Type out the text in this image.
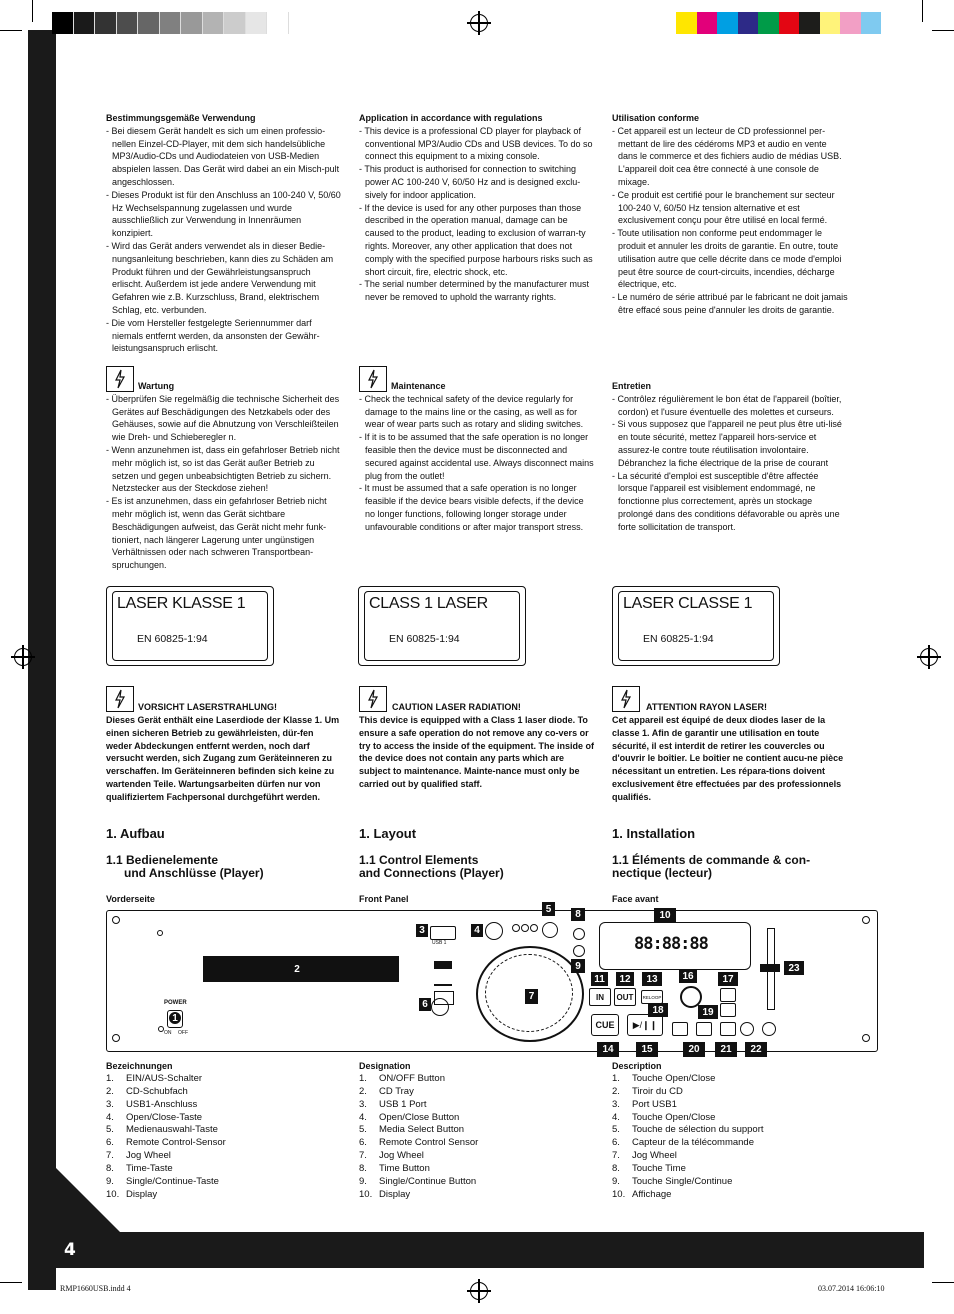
4
Bestimmungsgemäße Verwendung
- Bei diesem Gerät handelt es sich um einen professio-nellen Einzel-CD-Player, mit dem sich handelsübliche MP3/Audio-CDs und Audiodateien von USB-Medien abspielen lassen. Das Gerät wird dabei an ein Misch-pult angeschlossen.
- Dieses Produkt ist für den Anschluss an 100-240 V, 50/60 Hz Wechselspannung zugelassen und wurde ausschließlich zur Verwendung in Innenräumen konzipiert.
- Wird das Gerät anders verwendet als in dieser Bedie-nungsanleitung beschrieben, kann dies zu Schäden am Produkt führen und der Gewährleistungsanspruch erlischt. Außerdem ist jede andere Verwendung mit Gefahren wie z.B. Kurzschluss, Brand, elektrischem Schlag, etc. verbunden.
- Die vom Hersteller festgelegte Seriennummer darf niemals entfernt werden, da ansonsten der Gewähr-leistungsanspruch erlischt.
Application in accordance with regulations
- This device is a professional CD player for playback of conventional MP3/Audio CDs and USB devices. To do so connect this equipment to a mixing console.
- This product is authorised for connection to switching power AC 100-240 V, 60/50 Hz and is designed exclu-sively for indoor application.
- If the device is used for any other purposes than those described in the operation manual, damage can be caused to the product, leading to exclusion of warran-ty rights. Moreover, any other application that does not comply with the specified purpose harbours risks such as short circuit, fire, electric shock, etc.
- The serial number determined by the manufacturer must never be removed to uphold the warranty rights.
Utilisation conforme
- Cet appareil est un lecteur de CD professionnel per-mettant de lire des cédéroms MP3 et audio en vente dans le commerce et des fichiers audio de médias USB. L'appareil doit cea être connecté à une console de mixage.
- Ce produit est certifié pour le branchement sur secteur 100-240 V, 60/50 Hz tension alternative et est exclusivement conçu pour être utilisé en local fermé.
- Toute utilisation non conforme peut endommager le produit et annuler les droits de garantie. En outre, toute utilisation autre que celle décrite dans ce mode d'emploi peut être source de court-circuits, incendies, décharge électrique, etc.
- Le numéro de série attribué par le fabricant ne doit jamais être effacé sous peine d'annuler les droits de garantie.
Wartung
- Überprüfen Sie regelmäßig die technische Sicherheit des Gerätes auf Beschädigungen des Netzkabels oder des Gehäuses, sowie auf die Abnutzung von Verschleißteilen wie Dreh- und Schieberegler n.
- Wenn anzunehmen ist, dass ein gefahrloser Betrieb nicht mehr möglich ist, so ist das Gerät außer Betrieb zu setzen und gegen unbeabsichtigten Betrieb zu sichern. Netzstecker aus der Steckdose ziehen!
- Es ist anzunehmen, dass ein gefahrloser Betrieb nicht mehr möglich ist, wenn das Gerät sichtbare Beschädigungen aufweist, das Gerät nicht mehr funk-tioniert, nach längerer Lagerung unter ungünstigen Verhältnissen oder nach schweren Transportbean-spruchungen.
Maintenance
- Check the technical safety of the device regularly for damage to the mains line or the casing, as well as for wear of wear parts such as rotary and sliding switches.
- If it is to be assumed that the safe operation is no longer feasible then the device must be disconnected and secured against accidental use. Always disconnect mains plug from the outlet!
- It must be assumed that a safe operation is no longer feasible if the device bears visible defects, if the device no longer functions, following longer storage under unfavourable conditions or after major transport stress.
Entretien
- Contrôlez régulièrement le bon état de l'appareil (boîtier, cordon) et l'usure éventuelle des molettes et curseurs.
- Si vous supposez que l'appareil ne peut plus être uti-lisé en toute sécurité, mettez l'appareil hors-service et assurez-le contre toute réutilisation involontaire. Débranchez la fiche électrique de la prise de courant
- La sécurité d'emploi est susceptible d'être affectée lorsque l'appareil est visiblement endommagé, ne fonctionne plus correctement, après un stockage prolongé dans des conditions défavorable ou après une forte sollicitation de transport.
LASER KLASSE 1
EN 60825-1:94
CLASS 1 LASER
EN 60825-1:94
LASER CLASSE 1
EN 60825-1:94
VORSICHT LASERSTRAHLUNG!
Dieses Gerät enthält eine Laserdiode der Klasse 1. Um einen sicheren Betrieb zu gewährleisten, dür-fen weder Abdeckungen entfernt werden, noch darf versucht werden, sich Zugang zum Geräteinneren zu verschaffen. Im Geräteinneren befinden sich keine zu wartenden Teile. Wartungsarbeiten dürfen nur von qualifiziertem Fachpersonal durchgeführt werden.
CAUTION LASER RADIATION!
This device is equipped with a Class 1 laser diode. To ensure a safe operation do not remove any co-vers or try to access the inside of the equipment. The inside of the device does not contain any parts which are subject to maintenance. Mainte-nance must only be carried out by qualified staff.
ATTENTION RAYON LASER!
Cet appareil est équipé de deux diodes laser de la classe 1. Afin de garantir une utilisation en toute sécurité, il est interdit de retirer les couvercles ou d'ouvrir le boîtier. Le boîtier ne contient aucu-ne pièce nécessitant un entretien. Les répara-tions doivent exclusivement être effectuées par des professionnels qualifiés.
1. Aufbau
1.1 Bedienelemente
und Anschlüsse (Player)
1. Layout
1.1 Control Elements
and Connections (Player)
1. Installation
1.1 Éléments de commande & con-
nectique (lecteur)
Vorderseite	Front Panel	Face avant
2
POWER
1
ON OFF
3
USB 1
6
4
7
5	8
9
10
88:88:88
11	12	13
IN	OUT	RELOOP
18
16	17
19
CUE	▶/❙❙
14	15	20	21	22
23
Bezeichnungen
1.	EIN/AUS-Schalter
2.	CD-Schubfach
3.	USB1-Anschluss
4.	Open/Close-Taste
5.	Medienauswahl-Taste
6.	Remote Control-Sensor
7.	Jog Wheel
8.	Time-Taste
9.	Single/Continue-Taste
10. Display
Designation
1.	ON/OFF Button
2.	CD Tray
3.	USB 1 Port
4.	Open/Close Button
5.	Media Select Button
6.	Remote Control Sensor
7.	Jog Wheel
8.	Time Button
9.	Single/Continue Button
10. Display
Description
1.	Touche Open/Close
2.	Tiroir du CD
3.	Port USB1
4.	Touche Open/Close
5.	Touche de sélection du support
6.	Capteur de la télécommande
7.	Jog Wheel
8.	Touche Time
9.	Touche Single/Continue
10. Affichage
RMP1660USB.indd 4	03.07.2014 16:06:10
